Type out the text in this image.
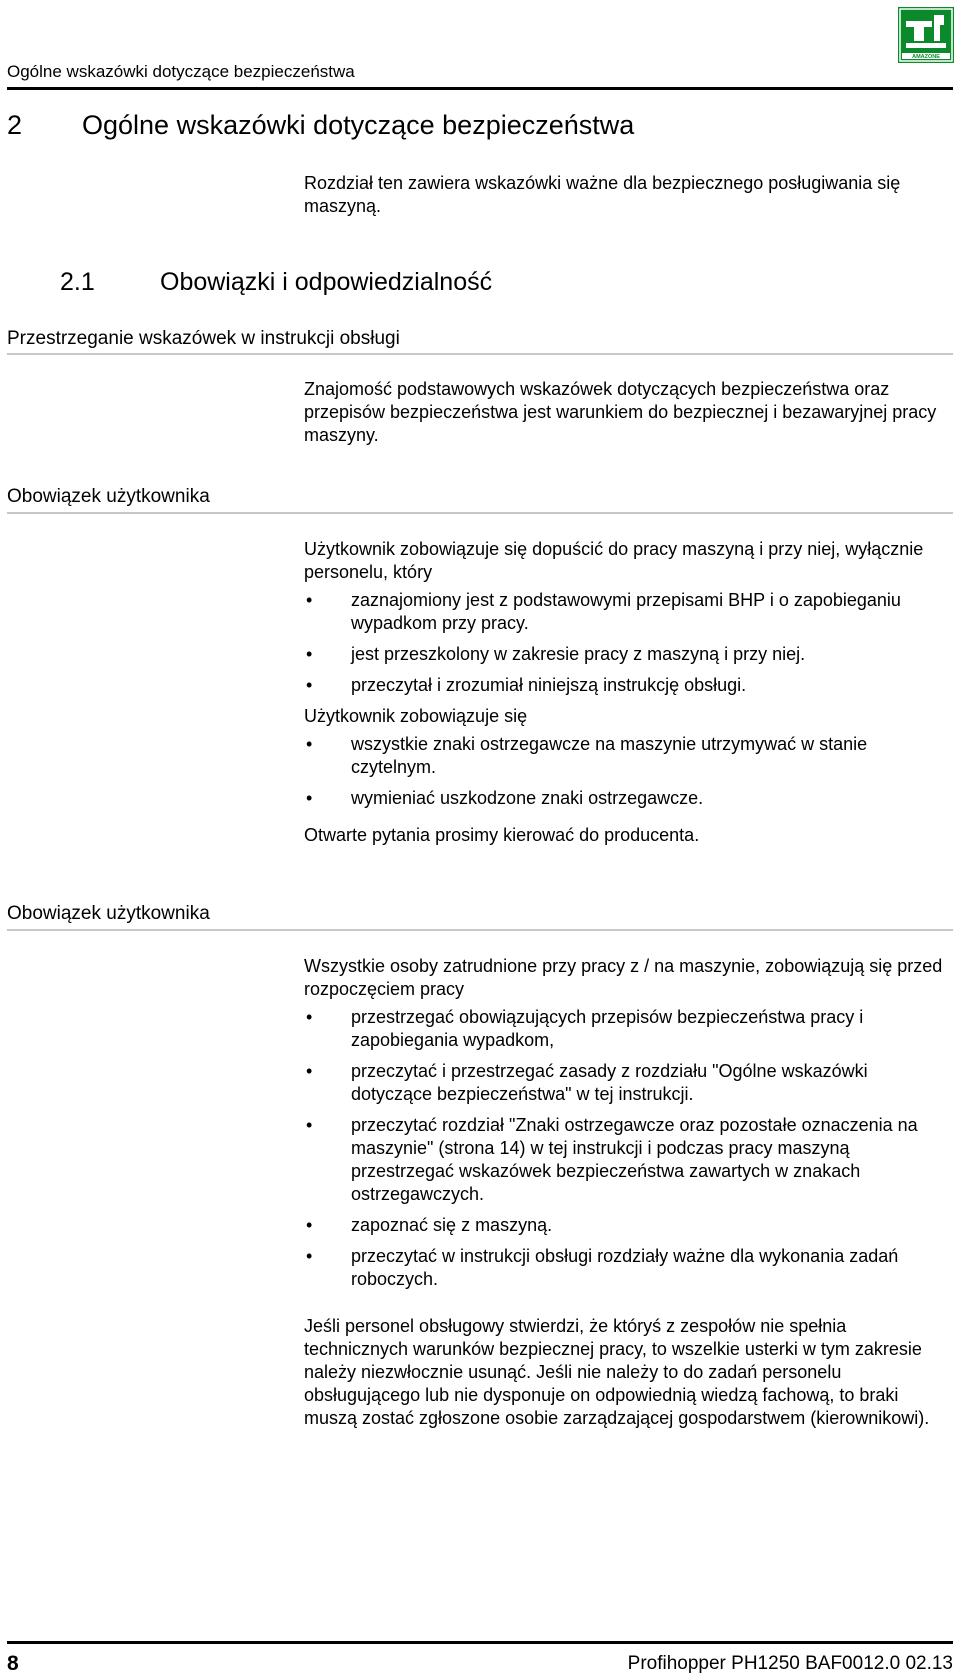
Ogólne wskazówki dotyczące bezpieczeństwa
AMAZONE
2 Ogólne wskazówki dotyczące bezpieczeństwa

Rozdział ten zawiera wskazówki ważne dla bezpiecznego posługiwania się maszyną.

2.1	Obowiązki i odpowiedzialność
Przestrzeganie wskazówek w instrukcji obsługi

Znajomość podstawowych wskazówek dotyczących bezpieczeństwa oraz przepisów bezpieczeństwa jest warunkiem do bezpiecznej i bezawaryjnej pracy maszyny.

Obowiązek użytkownika

Użytkownik zobowiązuje się dopuścić do pracy maszyną i przy niej, wyłącznie personelu, który

• zaznajomiony jest z podstawowymi przepisami BHP i o zapobieganiu wypadkom przy pracy.
• jest przeszkolony w zakresie pracy z maszyną i przy niej.
• przeczytał i zrozumiał niniejszą instrukcję obsługi.

Użytkownik zobowiązuje się

• wszystkie znaki ostrzegawcze na maszynie utrzymywać w stanie czytelnym.
• wymieniać uszkodzone znaki ostrzegawcze.

Otwarte pytania prosimy kierować do producenta.

Obowiązek użytkownika

Wszystkie osoby zatrudnione przy pracy z / na maszynie, zobowiązują się przed rozpoczęciem pracy

• przestrzegać obowiązujących przepisów bezpieczeństwa pracy i zapobiegania wypadkom,
• przeczytać i przestrzegać zasady z rozdziału "Ogólne wskazówki dotyczące bezpieczeństwa" w tej instrukcji.
• przeczytać rozdział "Znaki ostrzegawcze oraz pozostałe oznaczenia na maszynie" (strona 14) w tej instrukcji i podczas pracy maszyną przestrzegać wskazówek bezpieczeństwa zawartych w znakach ostrzegawczych.
• zapoznać się z maszyną.
• przeczytać w instrukcji obsługi rozdziały ważne dla wykonania zadań roboczych.

Jeśli personel obsługowy stwierdzi, że któryś z zespołów nie spełnia technicznych warunków bezpiecznej pracy, to wszelkie usterki w tym zakresie należy niezwłocznie usunąć. Jeśli nie należy to do zadań personelu obsługującego lub nie dysponuje on odpowiednią wiedzą fachową, to braki muszą zostać zgłoszone osobie zarządzającej gospodarstwem (kierownikowi).

8	Profihopper PH1250 BAF0012.0 02.13
